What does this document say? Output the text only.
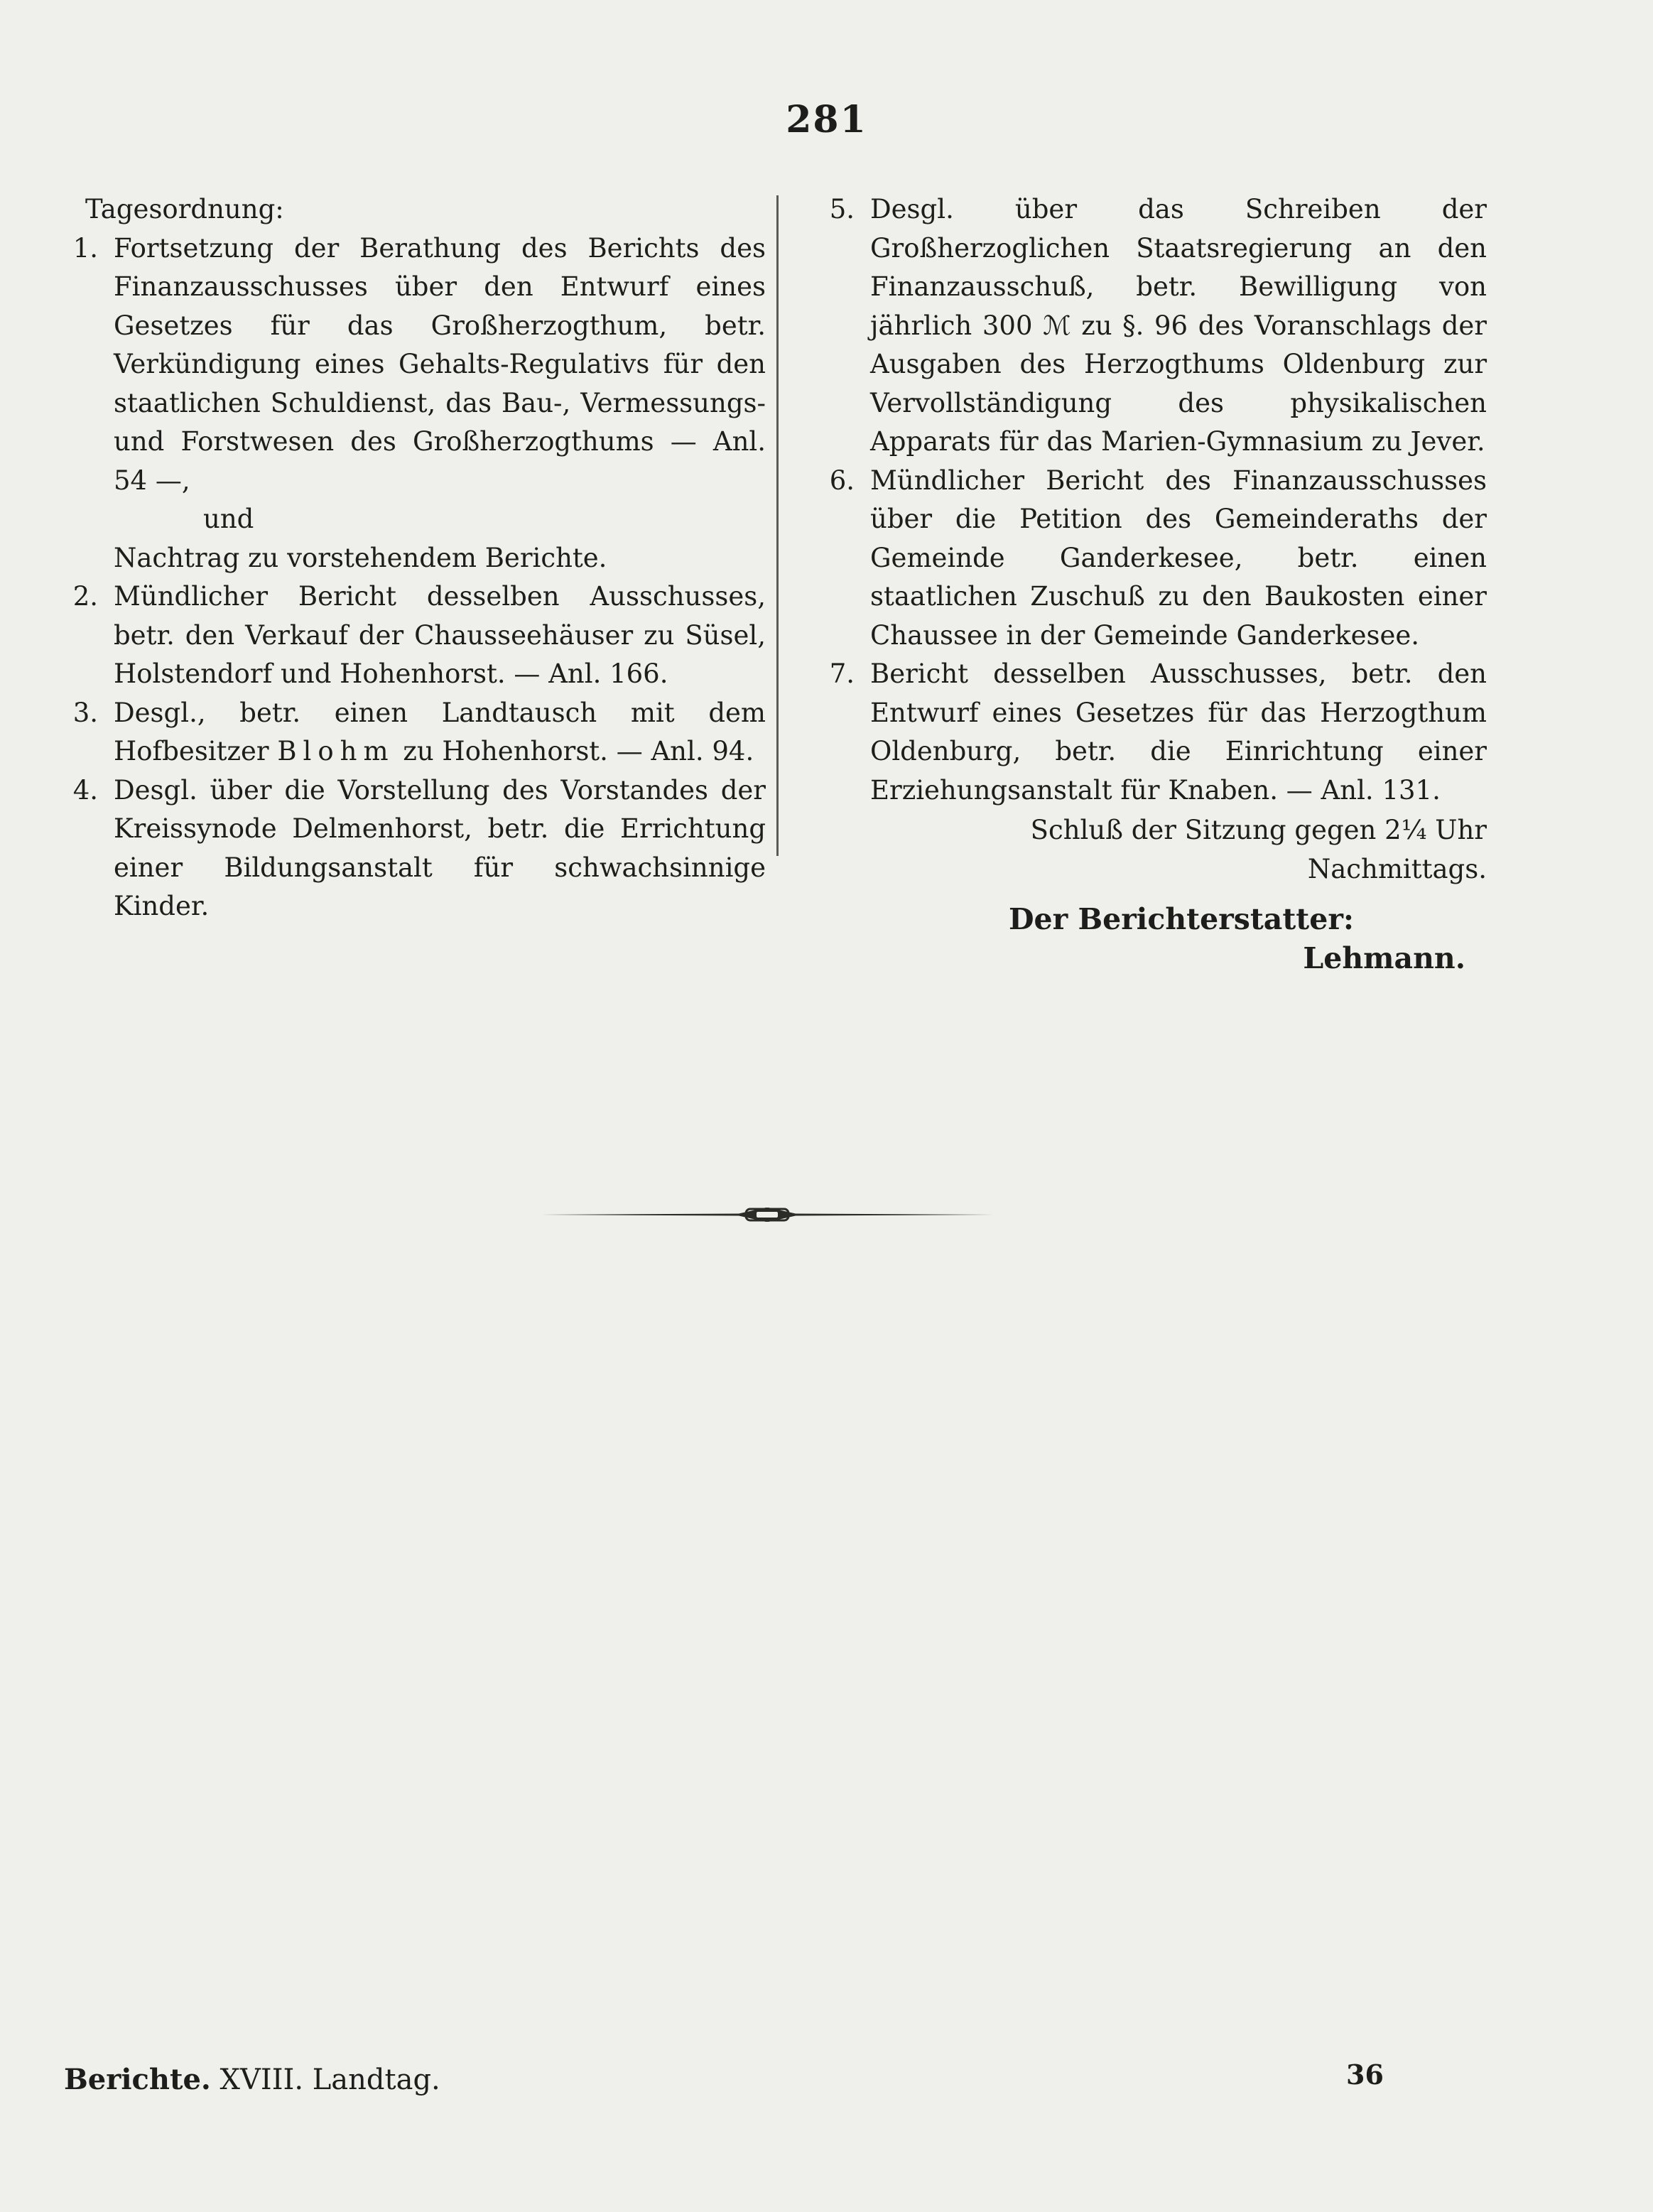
281
Tagesordnung:
1. Fortsetzung der Berathung des Berichts des Finanzausschusses über den Entwurf eines Gesetzes für das Großherzogthum, betr. Verkündigung eines Gehalts-Regulativs für den staatlichen Schuldienst, das Bau-, Vermessungs- und Forstwesen des Großherzogthums — Anl. 54 —,
und
Nachtrag zu vorstehendem Berichte.
2. Mündlicher Bericht desselben Ausschusses, betr. den Verkauf der Chausseehäuser zu Süsel, Holstendorf und Hohenhorst. — Anl. 166.
3. Desgl., betr. einen Landtausch mit dem Hofbesitzer Blohm zu Hohenhorst. — Anl. 94.
4. Desgl. über die Vorstellung des Vorstandes der Kreissynode Delmenhorst, betr. die Errichtung einer Bildungsanstalt für schwachsinnige Kinder.
5. Desgl. über das Schreiben der Großherzoglichen Staatsregierung an den Finanzausschuß, betr. Bewilligung von jährlich 300 ℳ zu §. 96 des Voranschlags der Ausgaben des Herzogthums Oldenburg zur Vervollständigung des physikalischen Apparats für das Marien-Gymnasium zu Jever.
6. Mündlicher Bericht des Finanzausschusses über die Petition des Gemeinderaths der Gemeinde Ganderkesee, betr. einen staatlichen Zuschuß zu den Baukosten einer Chaussee in der Gemeinde Ganderkesee.
7. Bericht desselben Ausschusses, betr. den Entwurf eines Gesetzes für das Herzogthum Oldenburg, betr. die Einrichtung einer Erziehungsanstalt für Knaben. — Anl. 131.
Schluß der Sitzung gegen 2¼ Uhr Nachmittags.
Der Berichterstatter:
Lehmann.
Berichte. XVIII. Landtag.	36
